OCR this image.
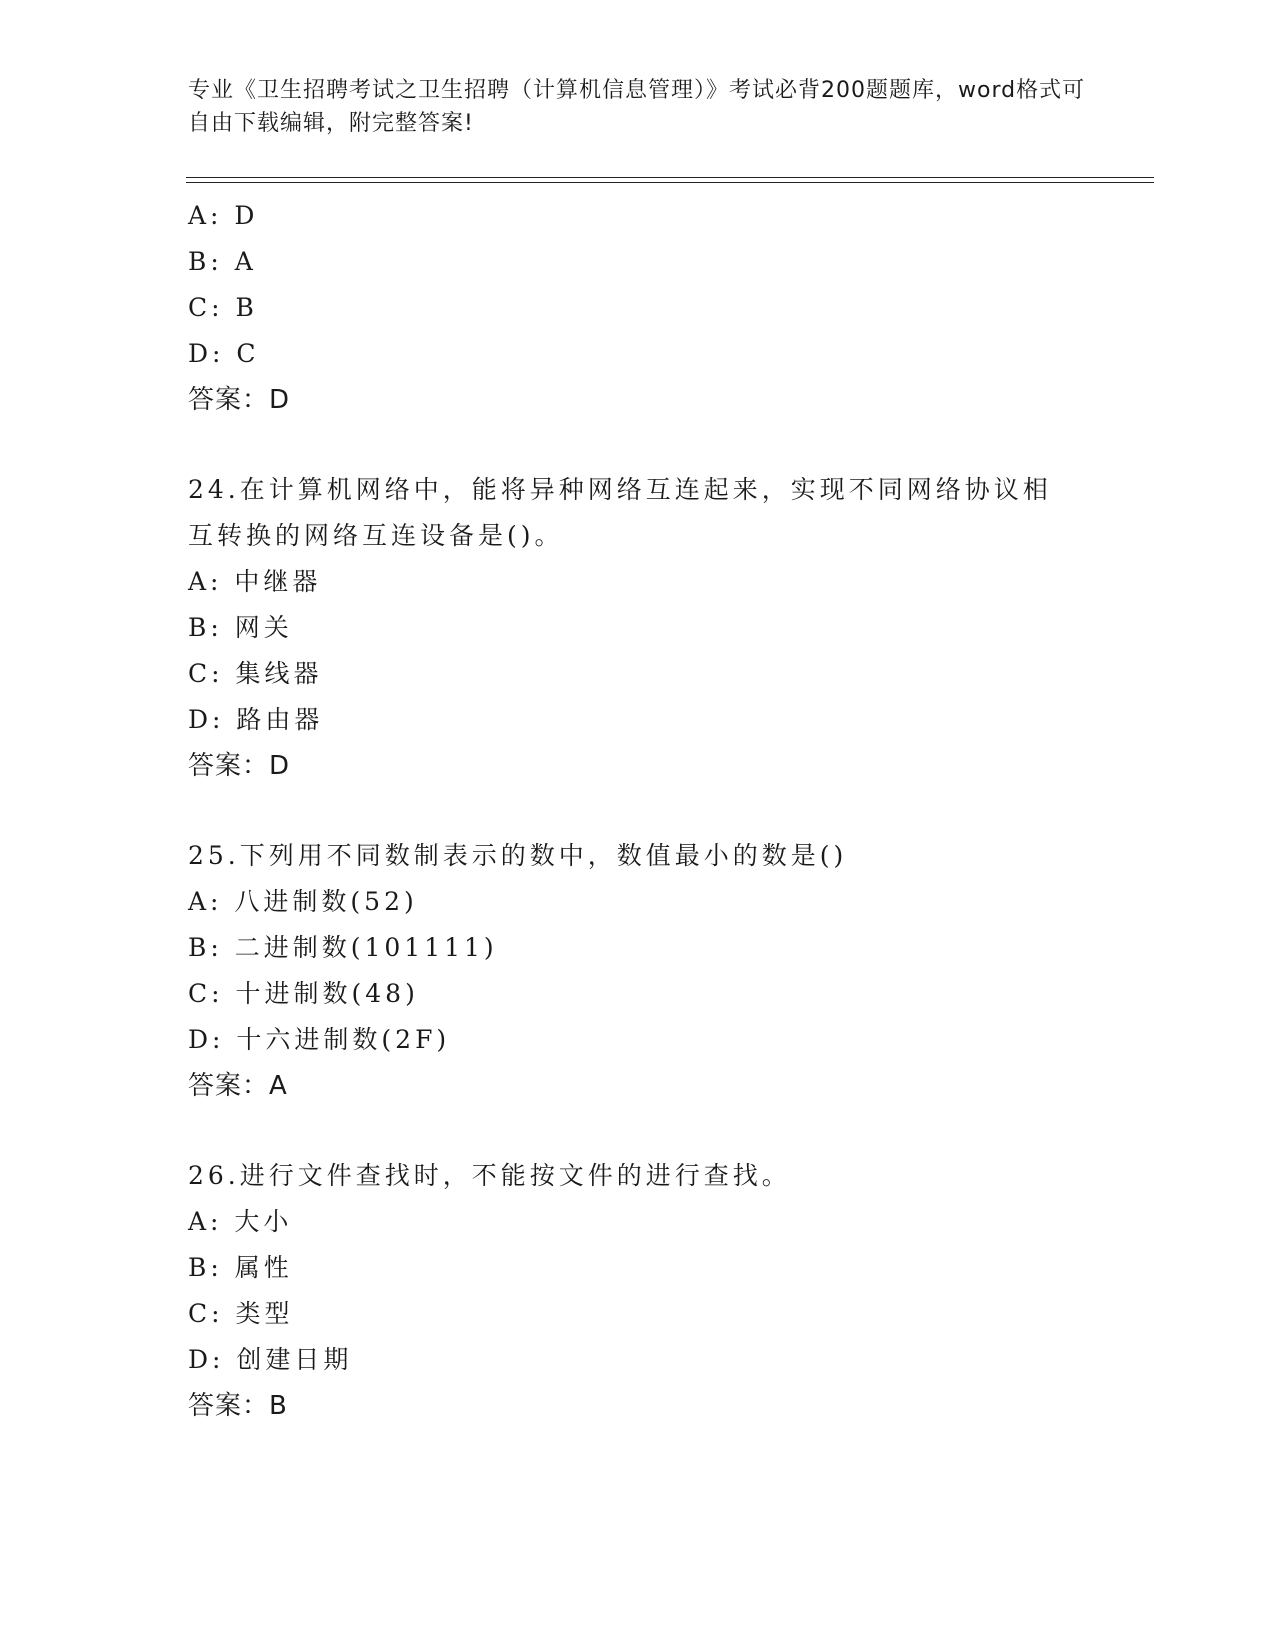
专业《卫生招聘考试之卫生招聘（计算机信息管理）》考试必背200题题库，word格式可自由下载编辑，附完整答案!
A: D
B: A
C: B
D: C
答案：D
24.在计算机网络中，能将异种网络互连起来，实现不同网络协议相互转换的网络互连设备是()。
A: 中继器
B: 网关
C: 集线器
D: 路由器
答案：D
25.下列用不同数制表示的数中，数值最小的数是()
A: 八进制数(52)
B: 二进制数(101111)
C: 十进制数(48)
D: 十六进制数(2F)
答案：A
26.进行文件查找时，不能按文件的进行查找。
A: 大小
B: 属性
C: 类型
D: 创建日期
答案：B
